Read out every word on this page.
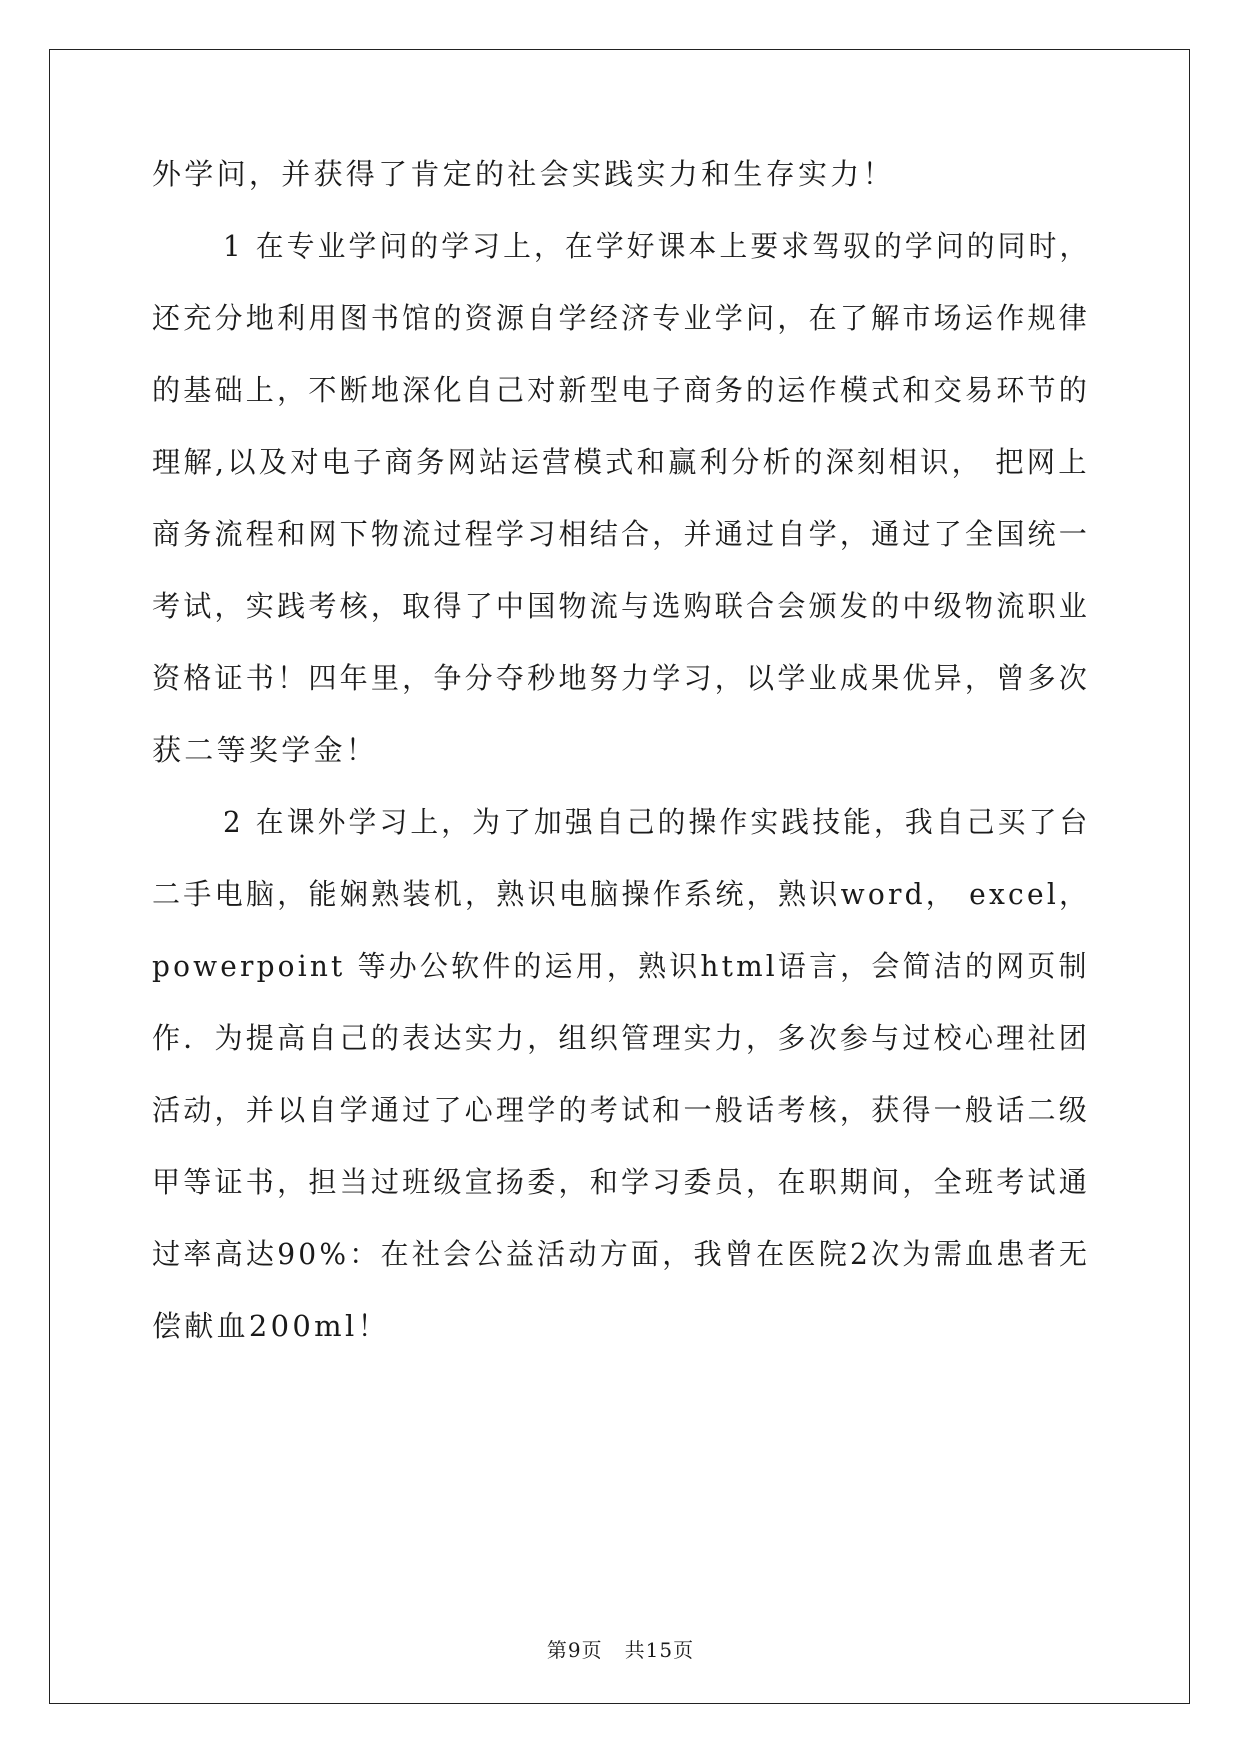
外学问，并获得了肯定的社会实践实力和生存实力！
1 在专业学问的学习上，在学好课本上要求驾驭的学问的同时，
还充分地利用图书馆的资源自学经济专业学问，在了解市场运作规律
的基础上，不断地深化自己对新型电子商务的运作模式和交易环节的
理解,以及对电子商务网站运营模式和赢利分析的深刻相识， 把网上
商务流程和网下物流过程学习相结合，并通过自学，通过了全国统一
考试，实践考核，取得了中国物流与选购联合会颁发的中级物流职业
资格证书！四年里，争分夺秒地努力学习，以学业成果优异，曾多次
获二等奖学金！
2 在课外学习上，为了加强自己的操作实践技能，我自己买了台
二手电脑，能娴熟装机，熟识电脑操作系统，熟识word， excel，
powerpoint 等办公软件的运用，熟识html语言，会简洁的网页制
作．为提高自己的表达实力，组织管理实力，多次参与过校心理社团
活动，并以自学通过了心理学的考试和一般话考核，获得一般话二级
甲等证书，担当过班级宣扬委，和学习委员，在职期间，全班考试通
过率高达90%：在社会公益活动方面，我曾在医院2次为需血患者无
偿献血200ml！
第9页 共15页
